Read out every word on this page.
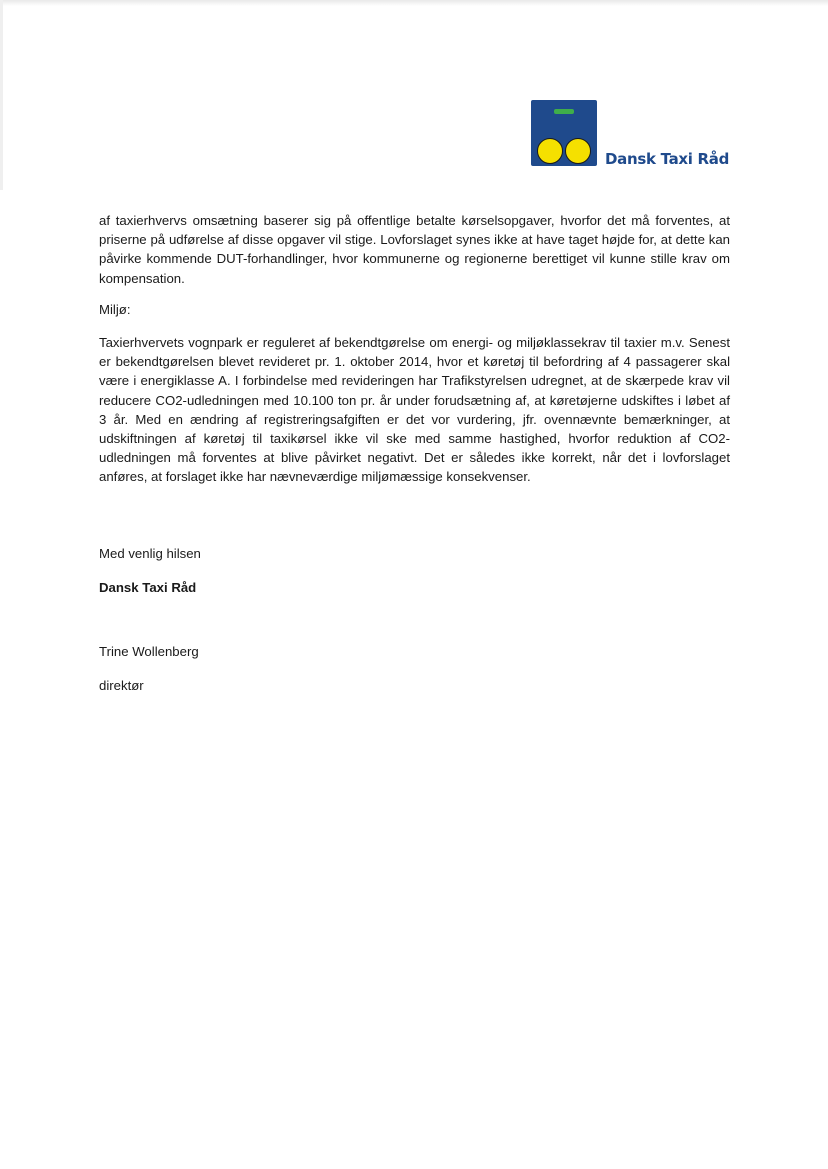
Dansk Taxi Råd

af taxierhvervs omsætning baserer sig på offentlige betalte kørselsopgaver, hvorfor det må forventes, at priserne på udførelse af disse opgaver vil stige. Lovforslaget synes ikke at have taget højde for, at dette kan påvirke kommende DUT-forhandlinger, hvor kommunerne og regionerne berettiget vil kunne stille krav om kompensation.

Miljø:

Taxierhvervets vognpark er reguleret af bekendtgørelse om energi- og miljøklassekrav til taxier m.v. Senest er bekendtgørelsen blevet revideret pr. 1. oktober 2014, hvor et køretøj til befordring af 4 passagerer skal være i energiklasse A. I forbindelse med revideringen har Trafikstyrelsen udregnet, at de skærpede krav vil reducere CO2-udledningen med 10.100 ton pr. år under forudsætning af, at køretøjerne udskiftes i løbet af 3 år. Med en ændring af registreringsafgiften er det vor vurdering, jfr. ovennævnte bemærkninger, at udskiftningen af køretøj til taxikørsel ikke vil ske med samme hastighed, hvorfor reduktion af CO2-udledningen må forventes at blive påvirket negativt. Det er således ikke korrekt, når det i lovforslaget anføres, at forslaget ikke har nævneværdige miljømæssige konsekvenser.

Med venlig hilsen
Dansk Taxi Råd
Trine Wollenberg
direktør
